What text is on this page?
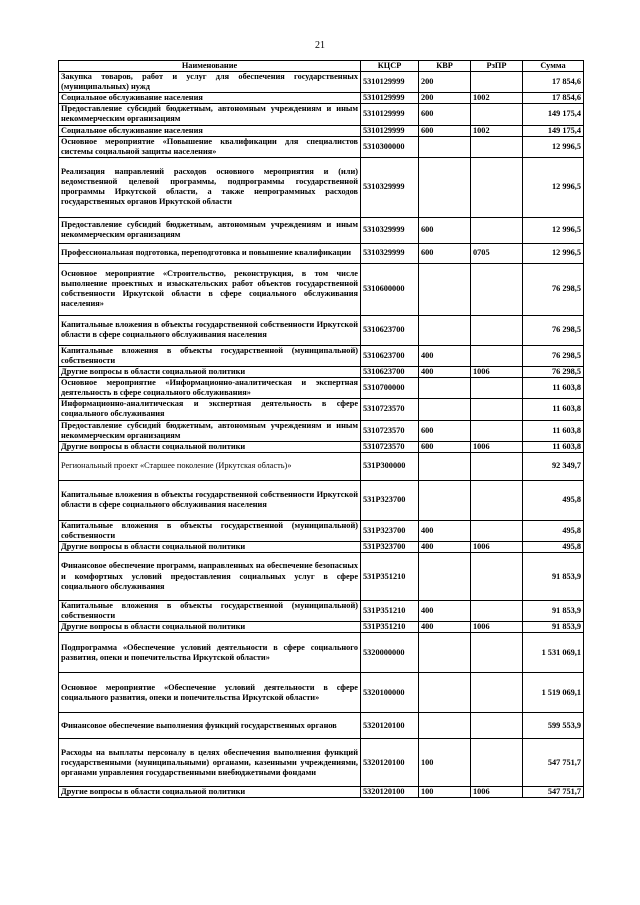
21
Наименование	КЦСР	КВР	РзПР	Сумма
Закупка товаров, работ и услуг для обеспечения государственных (муниципальных) нужд	5310129999	200		17 854,6
Социальное обслуживание населения	5310129999	200	1002	17 854,6
Предоставление субсидий бюджетным, автономным учреждениям и иным некоммерческим организациям	5310129999	600		149 175,4
Социальное обслуживание населения	5310129999	600	1002	149 175,4
Основное мероприятие «Повышение квалификации для специалистов системы социальной защиты населения»	5310300000			12 996,5
Реализация направлений расходов основного мероприятия и (или) ведомственной целевой программы, подпрограммы государственной программы Иркутской области, а также непрограммных расходов государственных органов Иркутской области	5310329999			12 996,5
Предоставление субсидий бюджетным, автономным учреждениям и иным некоммерческим организациям	5310329999	600		12 996,5
Профессиональная подготовка, переподготовка и повышение квалификации	5310329999	600	0705	12 996,5
Основное мероприятие «Строительство, реконструкция, в том числе выполнение проектных и изыскательских работ объектов государственной собственности Иркутской области в сфере социального обслуживания населения»	5310600000			76 298,5
Капитальные вложения в объекты государственной собственности Иркутской области в сфере социального обслуживания населения	5310623700			76 298,5
Капитальные вложения в объекты государственной (муниципальной) собственности	5310623700	400		76 298,5
Другие вопросы в области социальной политики	5310623700	400	1006	76 298,5
Основное мероприятие «Информационно-аналитическая и экспертная деятельность в сфере социального обслуживания»	5310700000			11 603,8
Информационно-аналитическая и экспертная деятельность в сфере социального обслуживания	5310723570			11 603,8
Предоставление субсидий бюджетным, автономным учреждениям и иным некоммерческим организациям	5310723570	600		11 603,8
Другие вопросы в области социальной политики	5310723570	600	1006	11 603,8
Региональный проект «Старшее поколение (Иркутская область)»	531P300000			92 349,7
Капитальные вложения в объекты государственной собственности Иркутской области в сфере социального обслуживания населения	531P323700			495,8
Капитальные вложения в объекты государственной (муниципальной) собственности	531P323700	400		495,8
Другие вопросы в области социальной политики	531P323700	400	1006	495,8
Финансовое обеспечение программ, направленных на обеспечение безопасных и комфортных условий предоставления социальных услуг в сфере социального обслуживания	531P351210			91 853,9
Капитальные вложения в объекты государственной (муниципальной) собственности	531P351210	400		91 853,9
Другие вопросы в области социальной политики	531P351210	400	1006	91 853,9
Подпрограмма «Обеспечение условий деятельности в сфере социального развития, опеки и попечительства Иркутской области»	5320000000			1 531 069,1
Основное мероприятие «Обеспечение условий деятельности в сфере социального развития, опеки и попечительства Иркутской области»	5320100000			1 519 069,1
Финансовое обеспечение выполнения функций государственных органов	5320120100			599 553,9
Расходы на выплаты персоналу в целях обеспечения выполнения функций государственными (муниципальными) органами, казенными учреждениями, органами управления государственными внебюджетными фондами	5320120100	100		547 751,7
Другие вопросы в области социальной политики	5320120100	100	1006	547 751,7
